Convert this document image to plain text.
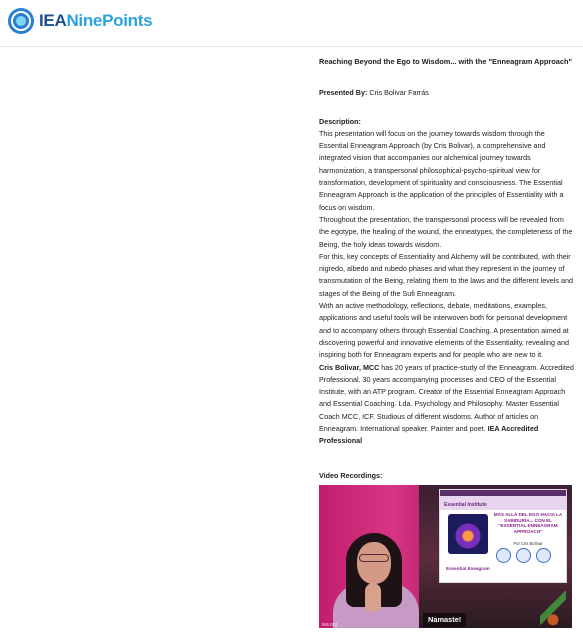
IEANinePoints
Reaching Beyond the Ego to Wisdom... with the "Enneagram Approach"
Presented By: Cris Bolivar Farrás
Description:

This presentation will focus on the journey towards wisdom through the Essential Enneagram Approach (by Cris Bolivar), a comprehensive and integrated vision that accompanies our alchemical journey towards harmonization, a transpersonal philosophical-psycho-spiritual view for transformation, development of spirituality and consciousness. The Essential Enneagram Approach is the application of the principles of Essentiality with a focus on wisdom.

Throughout the presentation, the transpersonal process will be revealed from the egotype, the healing of the wound, the enneatypes, the completeness of the Being, the holy ideas towards wisdom.

For this, key concepts of Essentiality and Alchemy will be contributed, with their nigredo, albedo and rubedo phases and what they represent in the journey of transmutation of the Being, relating them to the laws and the different levels and stages of the Being of the Sufi Enneagram.

With an active methodology, reflections, debate, meditations, examples, applications and useful tools will be interwoven both for personal development and to accompany others through Essential Coaching. A presentation aimed at discovering powerful and innovative elements of the Essentiality, revealing and inspiring both for Enneagram experts and for people who are new to it.

Cris Bolivar, MCC has 20 years of practice-study of the Enneagram. Accredited Professional. 30 years accompanying processes and CEO of the Essential Institute, with an ATP program. Creator of the Essential Enneagram Approach and Essential Coaching. Lda. Psychology and Philosophy. Master Essential Coach MCC, ICF. Studious of different wisdoms. Author of articles on Enneagram. International speaker. Painter and poet. IEA Accredited Professional

Video Recordings:
Essential Institute
MÁS ALLÁ DEL EGO HACIA LA SABIDURÍA... CON EL "ESSENTIAL ENNEAGRAM APPROACH"
Por Cris Bolívar
Essential Eneagram
Namaste!
iea.org
